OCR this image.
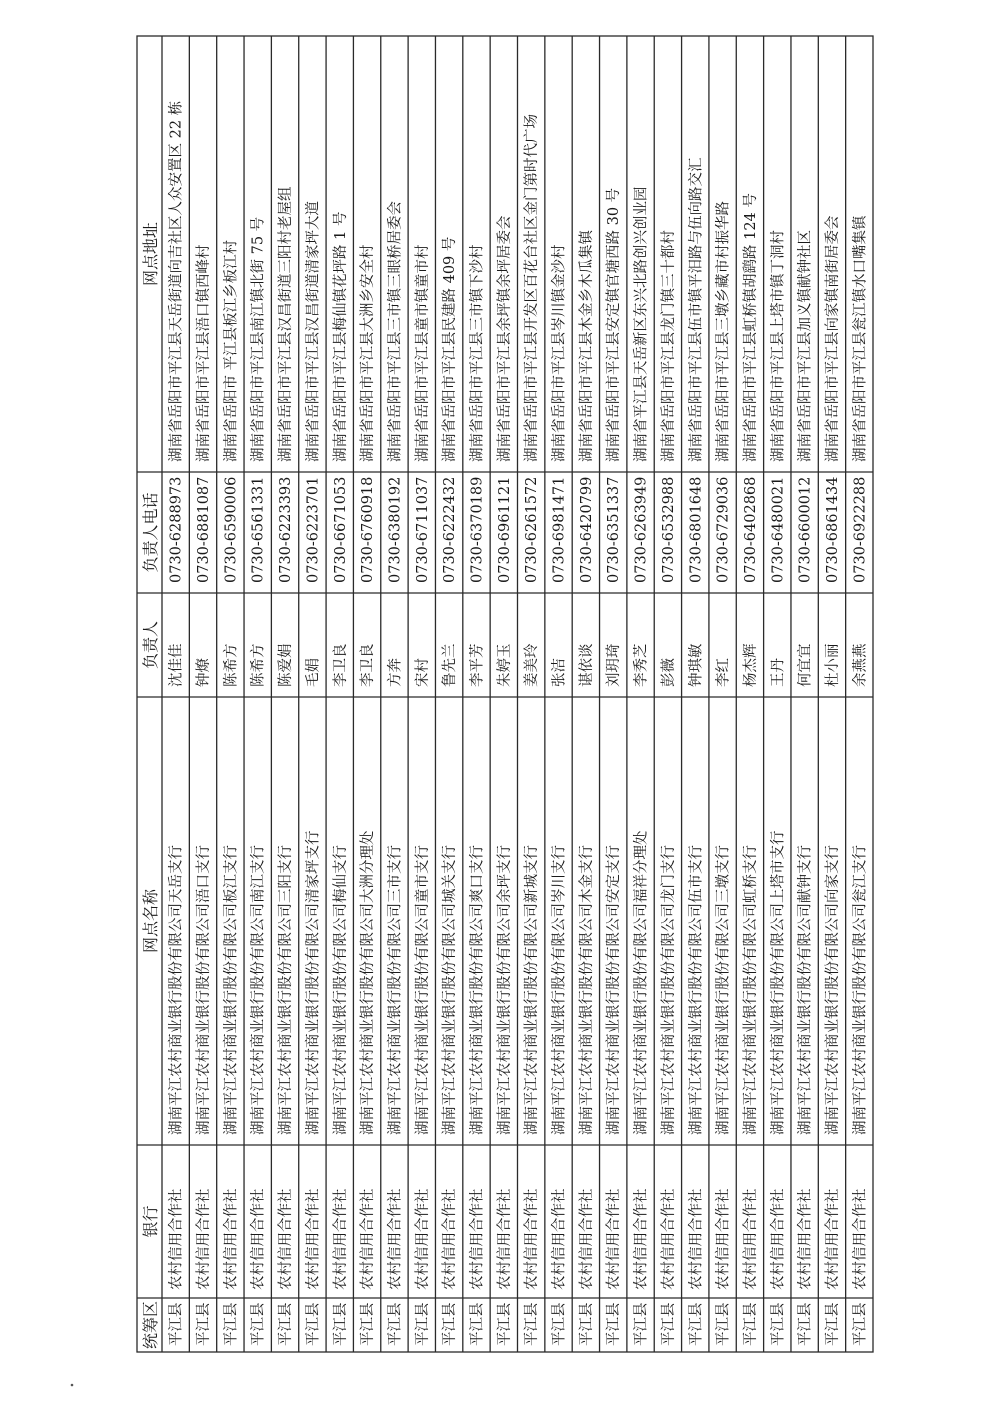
统筹区
银行
网点名称
负责人
负责人电话
网点地址
平江县
农村信用合作社
湖南平江农村商业银行股份有限公司天岳支行
沈佳佳
0730-6288973
湖南省岳阳市平江县天岳街道向吉社区人众安置区 22 栋
平江县
农村信用合作社
湖南平江农村商业银行股份有限公司浯口支行
钟燎
0730-6881087
湖南省岳阳市平江县浯口镇西峰村
平江县
农村信用合作社
湖南平江农村商业银行股份有限公司板江支行
陈希方
0730-6590006
湖南省岳阳市 平江县板江乡板江村
平江县
农村信用合作社
湖南平江农村商业银行股份有限公司南江支行
陈希方
0730-6561331
湖南省岳阳市平江县南江镇北街 75 号
平江县
农村信用合作社
湖南平江农村商业银行股份有限公司三阳支行
陈爱娟
0730-6223393
湖南省岳阳市平江县汉昌街道三阳村老屋组
平江县
农村信用合作社
湖南平江农村商业银行股份有限公司清家坪支行
毛娟
0730-6223701
湖南省岳阳市平江县汉昌街道清家坪大道
平江县
农村信用合作社
湖南平江农村商业银行股份有限公司梅仙支行
李卫良
0730-6671053
湖南省岳阳市平江县梅仙镇花坪路 1 号
平江县
农村信用合作社
湖南平江农村商业银行股份有限公司大洲分理处
李卫良
0730-6760918
湖南省岳阳市平江县大洲乡安全村
平江县
农村信用合作社
湖南平江农村商业银行股份有限公司三市支行
方奔
0730-6380192
湖南省岳阳市平江县三市镇三眼桥居委会
平江县
农村信用合作社
湖南平江农村商业银行股份有限公司童市支行
宋村
0730-6711037
湖南省岳阳市平江县童市镇童市村
平江县
农村信用合作社
湖南平江农村商业银行股份有限公司城关支行
鲁先兰
0730-6222432
湖南省岳阳市平江县民建路 409 号
平江县
农村信用合作社
湖南平江农村商业银行股份有限公司爽口支行
李平芳
0730-6370189
湖南省岳阳市平江县三市镇下沙村
平江县
农村信用合作社
湖南平江农村商业银行股份有限公司余坪支行
朱婷玉
0730-6961121
湖南省岳阳市平江县余坪镇余坪居委会
平江县
农村信用合作社
湖南平江农村商业银行股份有限公司新城支行
姜美玲
0730-6261572
湖南省岳阳市平江县开发区百花台社区金门第时代广场
平江县
农村信用合作社
湖南平江农村商业银行股份有限公司岑川支行
张洁
0730-6981471
湖南省岳阳市平江县岑川镇金沙村
平江县
农村信用合作社
湖南平江农村商业银行股份有限公司木金支行
谌依谈
0730-6420799
湖南省岳阳市平江县木金乡木瓜集镇
平江县
农村信用合作社
湖南平江农村商业银行股份有限公司安定支行
刘玥琦
0730-6351337
湖南省岳阳市平江县安定镇官塘西路 30 号
平江县
农村信用合作社
湖南平江农村商业银行股份有限公司福祥分理处
李秀芝
0730-6263949
湖南省平江县天岳新区东兴北路创兴创业园
平江县
农村信用合作社
湖南平江农村商业银行股份有限公司龙门支行
彭薇
0730-6532988
湖南省岳阳市平江县龙门镇三十都村
平江县
农村信用合作社
湖南平江农村商业银行股份有限公司伍市支行
钟琪敏
0730-6801648
湖南省岳阳市平江县伍市镇平汨路与伍向路交汇
平江县
农村信用合作社
湖南平江农村商业银行股份有限公司三墩支行
李红
0730-6729036
湖南省岳阳市平江县三墩乡藏市村振华路
平江县
农村信用合作社
湖南平江农村商业银行股份有限公司虹桥支行
杨杰辉
0730-6402868
湖南省岳阳市平江县虹桥镇胡鹞路 124 号
平江县
农村信用合作社
湖南平江农村商业银行股份有限公司上塔市支行
王丹
0730-6480021
湖南省岳阳市平江县上塔市镇丁洞村
平江县
农村信用合作社
湖南平江农村商业银行股份有限公司献钟支行
何宜宜
0730-6600012
湖南省岳阳市平江县加义镇献钟社区
平江县
农村信用合作社
湖南平江农村商业银行股份有限公司向家支行
杜小丽
0730-6861434
湖南省岳阳市平江县向家镇南街居委会
平江县
农村信用合作社
湖南平江农村商业银行股份有限公司瓮江支行
余燕燕
0730-6922288
湖南省岳阳市平江县瓮江镇水口嘴集镇
